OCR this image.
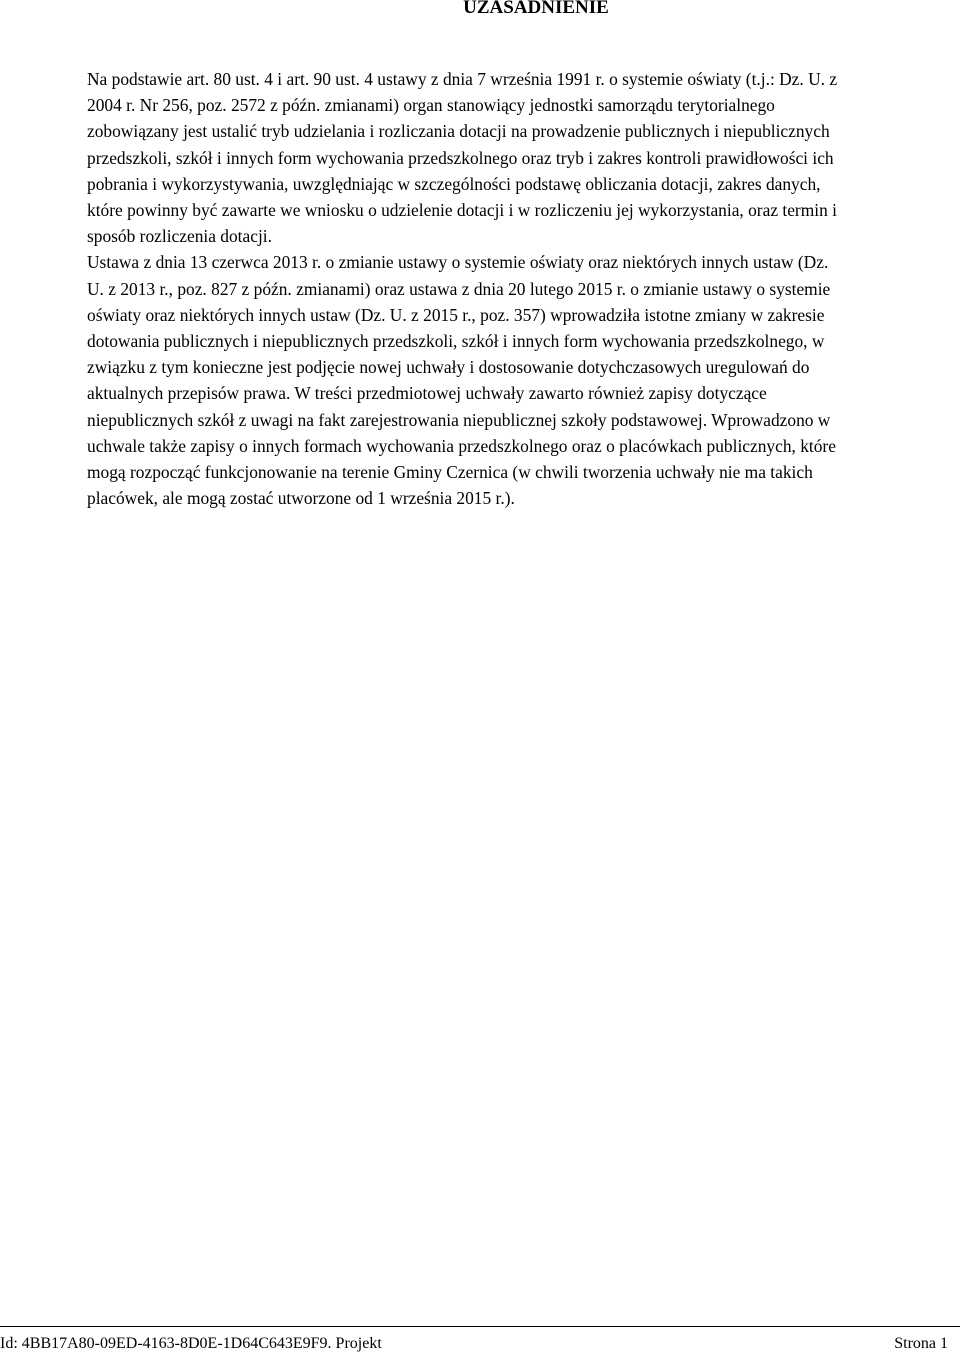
UZASADNIENIE
Na podstawie art. 80 ust. 4 i art. 90 ust. 4 ustawy z dnia 7 września 1991 r. o systemie oświaty (t.j.: Dz. U. z
2004 r. Nr 256, poz. 2572 z późn. zmianami) organ stanowiący jednostki samorządu terytorialnego
zobowiązany jest ustalić tryb udzielania i rozliczania dotacji na prowadzenie publicznych i niepublicznych
przedszkoli, szkół i innych form wychowania przedszkolnego oraz tryb i zakres kontroli prawidłowości ich
pobrania i wykorzystywania, uwzględniając w szczególności podstawę obliczania dotacji, zakres danych,
które powinny być zawarte we wniosku o udzielenie dotacji i w rozliczeniu jej wykorzystania, oraz termin i
sposób rozliczenia dotacji.
Ustawa z dnia 13 czerwca 2013 r. o zmianie ustawy o systemie oświaty oraz niektórych innych ustaw (Dz.
U. z 2013 r., poz. 827 z późn. zmianami) oraz ustawa z dnia 20 lutego 2015 r. o zmianie ustawy o systemie
oświaty oraz niektórych innych ustaw (Dz. U. z 2015 r., poz. 357) wprowadziła istotne zmiany w zakresie
dotowania publicznych i niepublicznych przedszkoli, szkół i innych form wychowania przedszkolnego, w
związku z tym konieczne jest podjęcie nowej uchwały i dostosowanie dotychczasowych uregulowań do
aktualnych przepisów prawa. W treści przedmiotowej uchwały zawarto również zapisy dotyczące
niepublicznych szkół z uwagi na fakt zarejestrowania niepublicznej szkoły podstawowej. Wprowadzono w
uchwale także zapisy o innych formach wychowania przedszkolnego oraz o placówkach publicznych, które
mogą rozpocząć funkcjonowanie na terenie Gminy Czernica (w chwili tworzenia uchwały nie ma takich
placówek, ale mogą zostać utworzone od 1 września 2015 r.).
Id: 4BB17A80-09ED-4163-8D0E-1D64C643E9F9. Projekt	Strona 1
